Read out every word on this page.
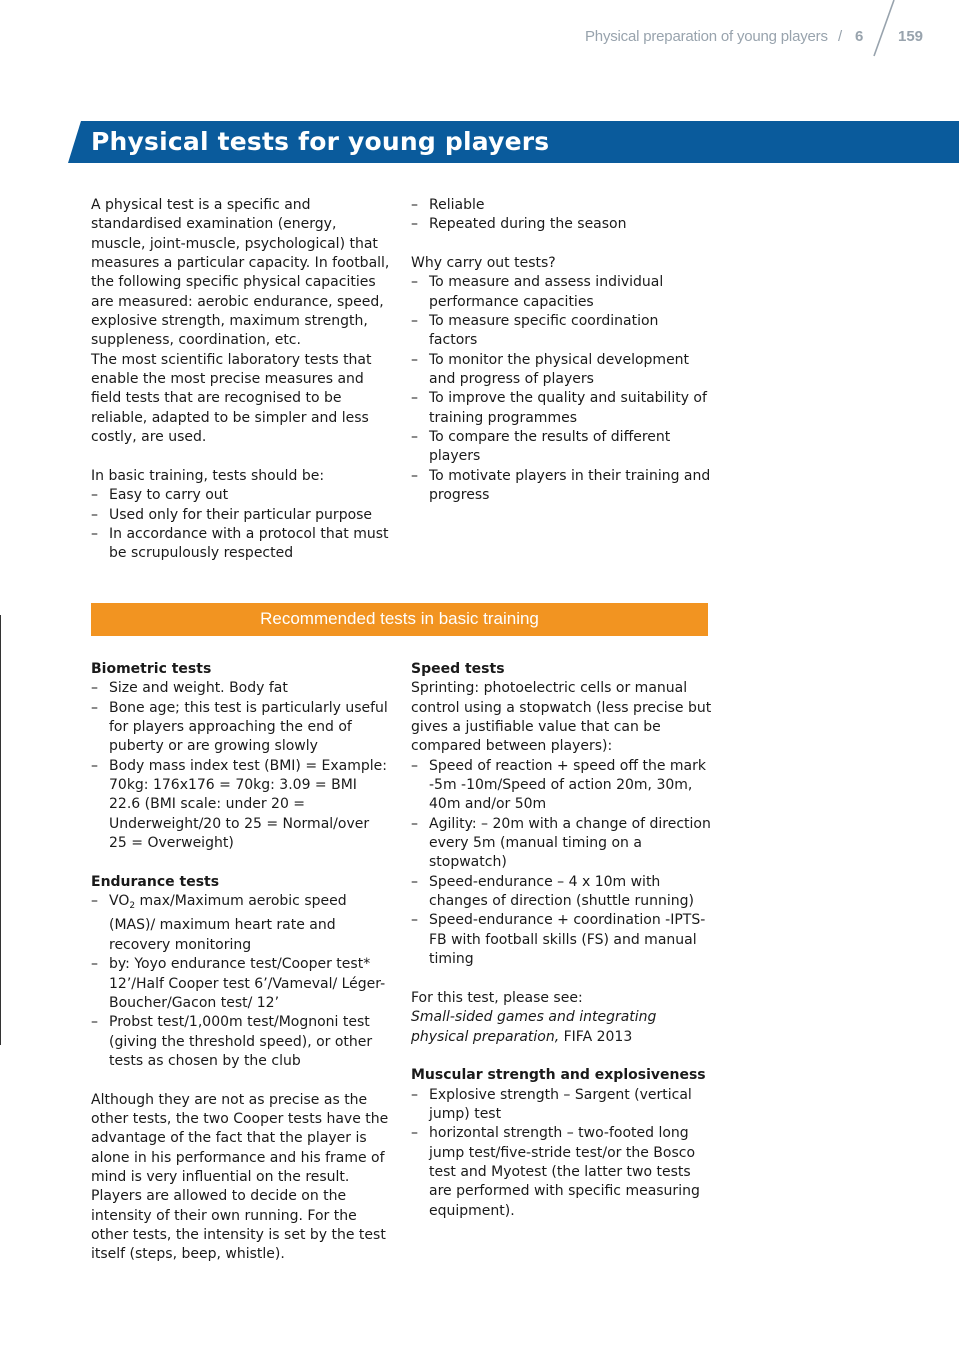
Physical preparation of young players / 6 159
Physical tests for young players

A physical test is a specific and standardised examination (energy, muscle, joint-muscle, psychological) that measures a particular capacity. In football, the following specific physical capacities are measured: aerobic endurance, speed, explosive strength, maximum strength, suppleness, coordination, etc.

The most scientific laboratory tests that enable the most precise measures and field tests that are recognised to be reliable, adapted to be simpler and less costly, are used.

In basic training, tests should be:

– Easy to carry out
– Used only for their particular purpose
– In accordance with a protocol that must be scrupulously respected
– Reliable
– Repeated during the season

Why carry out tests?

– To measure and assess individual performance capacities
– To measure specific coordination factors
– To monitor the physical development and progress of players
– To improve the quality and suitability of training programmes
– To compare the results of different players
– To motivate players in their training and progress
Recommended tests in basic training

Biometric tests

– Size and weight. Body fat
– Bone age; this test is particularly useful for players approaching the end of puberty or are growing slowly
– Body mass index test (BMI) = Example: 70kg: 176x176 = 70kg: 3.09 = BMI 22.6 (BMI scale: under 20 = Underweight/20 to 25 = Normal/over 25 = Overweight)

Endurance tests

– $VO_2$ max/Maximum aerobic speed (MAS)/ maximum heart rate and recovery monitoring
– by: Yoyo endurance test/Cooper test* 12’/Half Cooper test 6’/Vameval/ Léger-Boucher/Gacon test/ 12’
– Probst test/1,000m test/Mognoni test (giving the threshold speed), or other tests as chosen by the club

Although they are not as precise as the other tests, the two Cooper tests have the advantage of the fact that the player is alone in his performance and his frame of mind is very influential on the result. Players are allowed to decide on the intensity of their own running. For the other tests, the intensity is set by the test itself (steps, beep, whistle).

Speed tests

Sprinting: photoelectric cells or manual control using a stopwatch (less precise but gives a justifiable value that can be compared between players):

– Speed of reaction + speed off the mark -5m -10m/Speed of action 20m, 30m, 40m and/or 50m
– Agility: – 20m with a change of direction every 5m (manual timing on a stopwatch)
– Speed-endurance – 4 x 10m with changes of direction (shuttle running)
– Speed-endurance + coordination -IPTS-FB with football skills (FS) and manual timing

For this test, please see:

Small-sided games and integrating physical preparation, FIFA 2013

Muscular strength and explosiveness

– Explosive strength – Sargent (vertical jump) test
– horizontal strength – two-footed long jump test/five-stride test/or the Bosco test and Myotest (the latter two tests are performed with specific measuring equipment).
